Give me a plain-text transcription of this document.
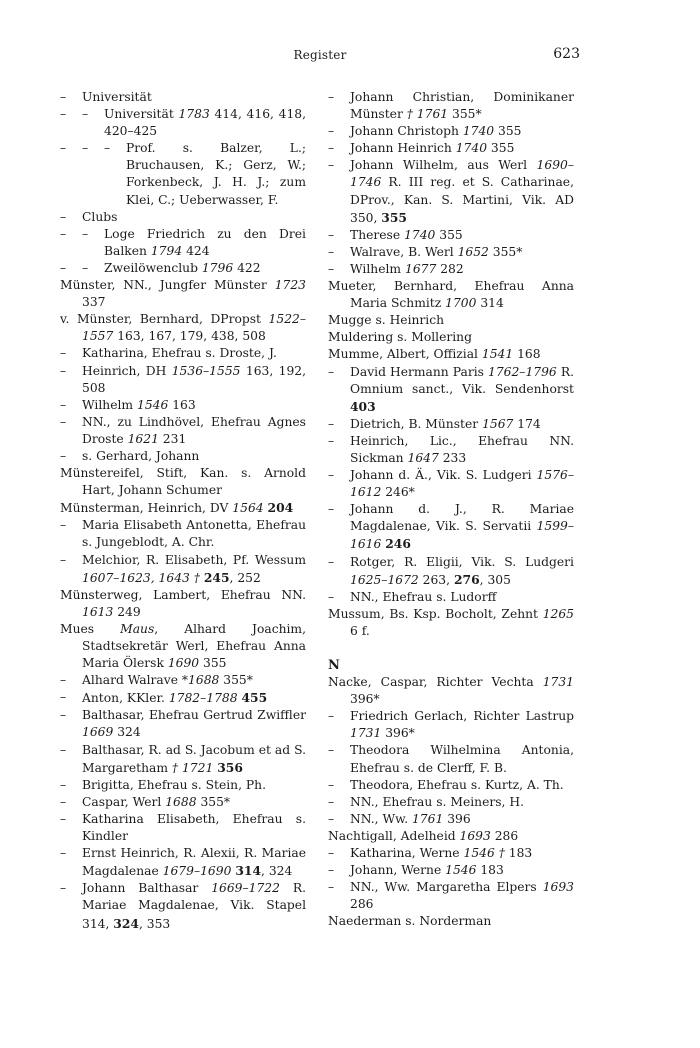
Register	623
– Universität
– – Universität 1783 414, 416, 418, 420–425
– – – Prof. s. Balzer, L.; Bruchausen, K.; Gerz, W.; Forkenbeck, J. H. J.; zum Klei, C.; Ueberwasser, F.
– Clubs
– – Loge Friedrich zu den Drei Balken 1794 424
– – Zweilöwenclub 1796 422
Münster, NN., Jungfer Münster 1723 337
v. Münster, Bernhard, DPropst 1522–1557 163, 167, 179, 438, 508
– Katharina, Ehefrau s. Droste, J.
– Heinrich, DH 1536–1555 163, 192, 508
– Wilhelm 1546 163
– NN., zu Lindhövel, Ehefrau Agnes Droste 1621 231
– s. Gerhard, Johann
Münstereifel, Stift, Kan. s. Arnold Hart, Johann Schumer
Münsterman, Heinrich, DV 1564 204
– Maria Elisabeth Antonetta, Ehefrau s. Jungeblodt, A. Chr.
– Melchior, R. Elisabeth, Pf. Wessum 1607–1623, 1643 † 245, 252
Münsterweg, Lambert, Ehefrau NN. 1613 249
Mues Maus, Alhard Joachim, Stadtsekretär Werl, Ehefrau Anna Maria Ölersk 1690 355
– Alhard Walrave *1688 355*
– Anton, KKler. 1782–1788 455
– Balthasar, Ehefrau Gertrud Zwiffler 1669 324
– Balthasar, R. ad S. Jacobum et ad S. Margaretham † 1721 356
– Brigitta, Ehefrau s. Stein, Ph.
– Caspar, Werl 1688 355*
– Katharina Elisabeth, Ehefrau s. Kindler
– Ernst Heinrich, R. Alexii, R. Mariae Magdalenae 1679–1690 314, 324
– Johann Balthasar 1669–1722 R. Mariae Magdalenae, Vik. Stapel 314, 324, 353
– Johann Christian, Dominikaner Münster † 1761 355*
– Johann Christoph 1740 355
– Johann Heinrich 1740 355
– Johann Wilhelm, aus Werl 1690–1746 R. III reg. et S. Catharinae, DProv., Kan. S. Martini, Vik. AD 350, 355
– Therese 1740 355
– Walrave, B. Werl 1652 355*
– Wilhelm 1677 282
Mueter, Bernhard, Ehefrau Anna Maria Schmitz 1700 314
Mugge s. Heinrich
Muldering s. Mollering
Mumme, Albert, Offizial 1541 168
– David Hermann Paris 1762–1796 R. Omnium sanct., Vik. Sendenhorst 403
– Dietrich, B. Münster 1567 174
– Heinrich, Lic., Ehefrau NN. Sickman 1647 233
– Johann d. Ä., Vik. S. Ludgeri 1576–1612 246*
– Johann d. J., R. Mariae Magdalenae, Vik. S. Servatii 1599–1616 246
– Rotger, R. Eligii, Vik. S. Ludgeri 1625–1672 263, 276, 305
– NN., Ehefrau s. Ludorff
Mussum, Bs. Ksp. Bocholt, Zehnt 1265 6 f.
N
Nacke, Caspar, Richter Vechta 1731 396*
– Friedrich Gerlach, Richter Lastrup 1731 396*
– Theodora Wilhelmina Antonia, Ehefrau s. de Clerff, F. B.
– Theodora, Ehefrau s. Kurtz, A. Th.
– NN., Ehefrau s. Meiners, H.
– NN., Ww. 1761 396
Nachtigall, Adelheid 1693 286
– Katharina, Werne 1546 † 183
– Johann, Werne 1546 183
– NN., Ww. Margaretha Elpers 1693 286
Naederman s. Norderman
